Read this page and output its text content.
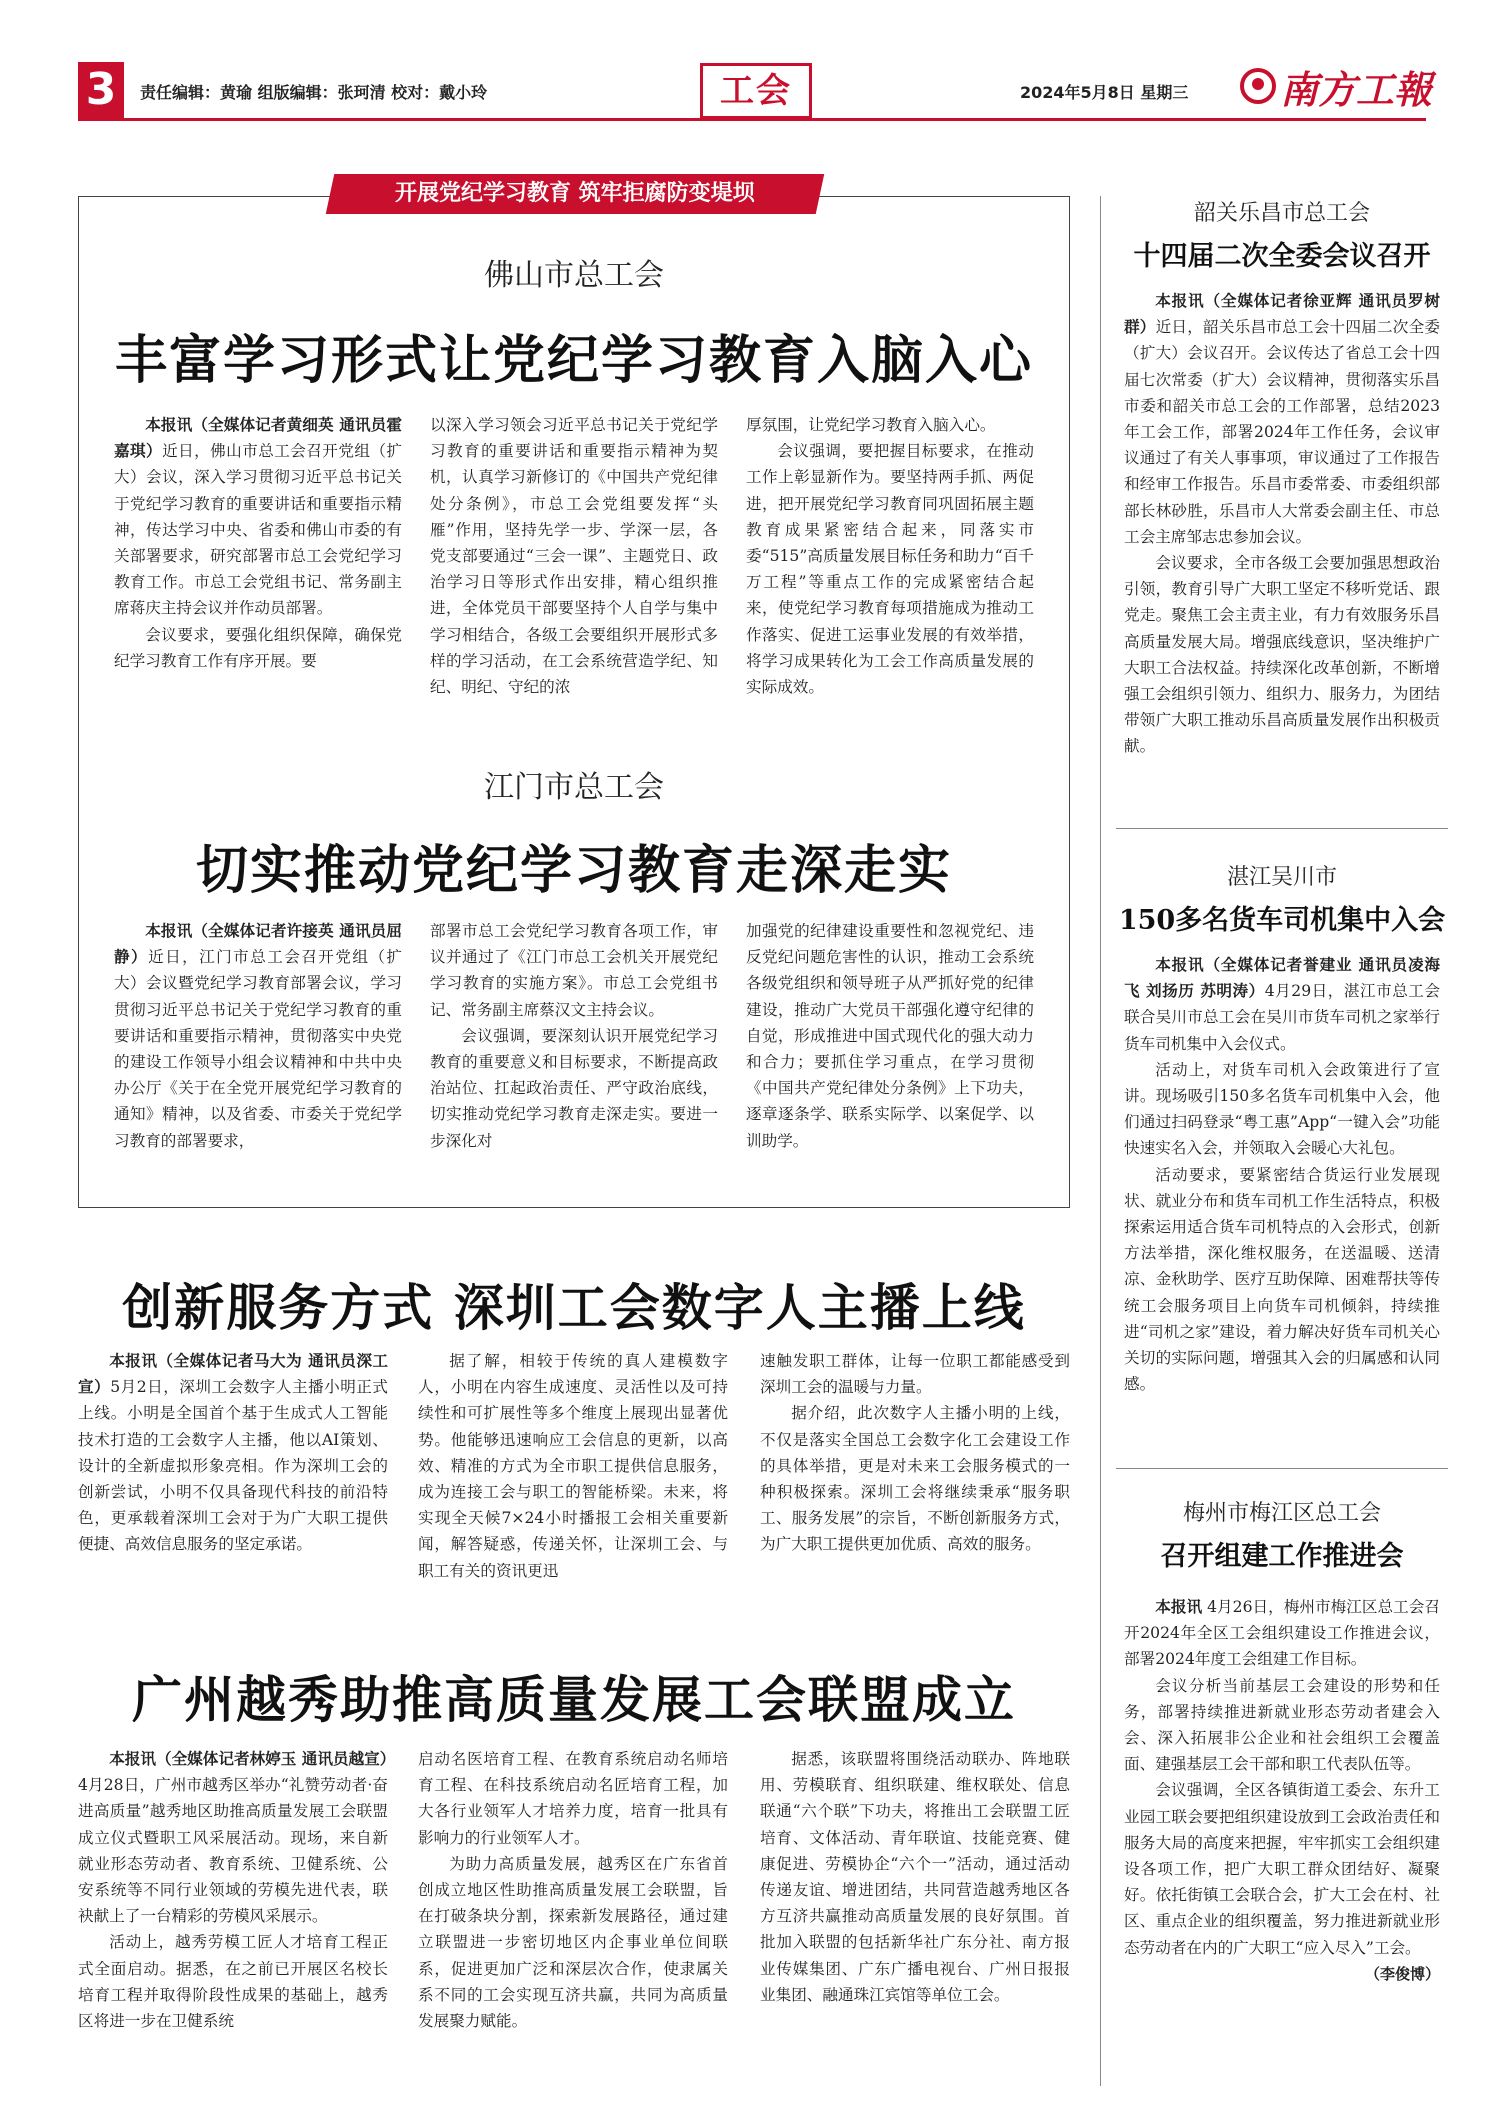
3	责任编辑：黄瑜 组版编辑：张珂清 校对：戴小玲	工会	2024年5月8日 星期三 南方工報
开展党纪学习教育 筑牢拒腐防变堤坝
佛山市总工会
丰富学习形式让党纪学习教育入脑入心

本报讯（全媒体记者黄细英 通讯员霍嘉琪）近日，佛山市总工会召开党组（扩大）会议，深入学习贯彻习近平总书记关于党纪学习教育的重要讲话和重要指示精神，传达学习中央、省委和佛山市委的有关部署要求，研究部署市总工会党纪学习教育工作。市总工会党组书记、常务副主席蒋庆主持会议并作动员部署。

会议要求，要强化组织保障，确保党纪学习教育工作有序开展。要

以深入学习领会习近平总书记关于党纪学习教育的重要讲话和重要指示精神为契机，认真学习新修订的《中国共产党纪律处分条例》，市总工会党组要发挥“头雁”作用，坚持先学一步、学深一层，各党支部要通过“三会一课”、主题党日、政治学习日等形式作出安排，精心组织推进，全体党员干部要坚持个人自学与集中学习相结合，各级工会要组织开展形式多样的学习活动，在工会系统营造学纪、知纪、明纪、守纪的浓

厚氛围，让党纪学习教育入脑入心。

会议强调，要把握目标要求，在推动工作上彰显新作为。要坚持两手抓、两促进，把开展党纪学习教育同巩固拓展主题教育成果紧密结合起来，同落实市委“515”高质量发展目标任务和助力“百千万工程”等重点工作的完成紧密结合起来，使党纪学习教育每项措施成为推动工作落实、促进工运事业发展的有效举措，将学习成果转化为工会工作高质量发展的实际成效。

江门市总工会
切实推动党纪学习教育走深走实

本报讯（全媒体记者许接英 通讯员屈静）近日，江门市总工会召开党组（扩大）会议暨党纪学习教育部署会议，学习贯彻习近平总书记关于党纪学习教育的重要讲话和重要指示精神，贯彻落实中央党的建设工作领导小组会议精神和中共中央办公厅《关于在全党开展党纪学习教育的通知》精神，以及省委、市委关于党纪学习教育的部署要求，

部署市总工会党纪学习教育各项工作，审议并通过了《江门市总工会机关开展党纪学习教育的实施方案》。市总工会党组书记、常务副主席蔡汉文主持会议。

会议强调，要深刻认识开展党纪学习教育的重要意义和目标要求，不断提高政治站位、扛起政治责任、严守政治底线，切实推动党纪学习教育走深走实。要进一步深化对

加强党的纪律建设重要性和忽视党纪、违反党纪问题危害性的认识，推动工会系统各级党组织和领导班子从严抓好党的纪律建设，推动广大党员干部强化遵守纪律的自觉，形成推进中国式现代化的强大动力和合力；要抓住学习重点，在学习贯彻《中国共产党纪律处分条例》上下功夫，逐章逐条学、联系实际学、以案促学、以训助学。

创新服务方式 深圳工会数字人主播上线

本报讯（全媒体记者马大为 通讯员深工宣）5月2日，深圳工会数字人主播小明正式上线。小明是全国首个基于生成式人工智能技术打造的工会数字人主播，他以AI策划、设计的全新虚拟形象亮相。作为深圳工会的创新尝试，小明不仅具备现代科技的前沿特色，更承载着深圳工会对于为广大职工提供便捷、高效信息服务的坚定承诺。

据了解，相较于传统的真人建模数字人，小明在内容生成速度、灵活性以及可持续性和可扩展性等多个维度上展现出显著优势。他能够迅速响应工会信息的更新，以高效、精准的方式为全市职工提供信息服务，成为连接工会与职工的智能桥梁。未来，将实现全天候7×24小时播报工会相关重要新闻，解答疑惑，传递关怀，让深圳工会、与职工有关的资讯更迅

速触发职工群体，让每一位职工都能感受到深圳工会的温暖与力量。

据介绍，此次数字人主播小明的上线，不仅是落实全国总工会数字化工会建设工作的具体举措，更是对未来工会服务模式的一种积极探索。深圳工会将继续秉承“服务职工、服务发展”的宗旨，不断创新服务方式，为广大职工提供更加优质、高效的服务。

广州越秀助推高质量发展工会联盟成立

本报讯（全媒体记者林婷玉 通讯员越宣）4月28日，广州市越秀区举办“礼赞劳动者·奋进高质量”越秀地区助推高质量发展工会联盟成立仪式暨职工风采展活动。现场，来自新就业形态劳动者、教育系统、卫健系统、公安系统等不同行业领域的劳模先进代表，联袂献上了一台精彩的劳模风采展示。

活动上，越秀劳模工匠人才培育工程正式全面启动。据悉，在之前已开展区名校长培育工程并取得阶段性成果的基础上，越秀区将进一步在卫健系统

启动名医培育工程、在教育系统启动名师培育工程、在科技系统启动名匠培育工程，加大各行业领军人才培养力度，培育一批具有影响力的行业领军人才。

为助力高质量发展，越秀区在广东省首创成立地区性助推高质量发展工会联盟，旨在打破条块分割，探索新发展路径，通过建立联盟进一步密切地区内企事业单位间联系，促进更加广泛和深层次合作，使隶属关系不同的工会实现互济共赢，共同为高质量发展聚力赋能。

据悉，该联盟将围绕活动联办、阵地联用、劳模联育、组织联建、维权联处、信息联通“六个联”下功夫，将推出工会联盟工匠培育、文体活动、青年联谊、技能竞赛、健康促进、劳模协企“六个一”活动，通过活动传递友谊、增进团结，共同营造越秀地区各方互济共赢推动高质量发展的良好氛围。首批加入联盟的包括新华社广东分社、南方报业传媒集团、广东广播电视台、广州日报报业集团、融通珠江宾馆等单位工会。

韶关乐昌市总工会
十四届二次全委会议召开

本报讯（全媒体记者徐亚辉 通讯员罗树群）近日，韶关乐昌市总工会十四届二次全委（扩大）会议召开。会议传达了省总工会十四届七次常委（扩大）会议精神，贯彻落实乐昌市委和韶关市总工会的工作部署，总结2023年工会工作，部署2024年工作任务，会议审议通过了有关人事事项，审议通过了工作报告和经审工作报告。乐昌市委常委、市委组织部部长林砂胜，乐昌市人大常委会副主任、市总工会主席邹志忠参加会议。

会议要求，全市各级工会要加强思想政治引领，教育引导广大职工坚定不移听党话、跟党走。聚焦工会主责主业，有力有效服务乐昌高质量发展大局。增强底线意识，坚决维护广大职工合法权益。持续深化改革创新，不断增强工会组织引领力、组织力、服务力，为团结带领广大职工推动乐昌高质量发展作出积极贡献。

湛江吴川市
150多名货车司机集中入会

本报讯（全媒体记者誉建业 通讯员凌海飞 刘扬历 苏明涛）4月29日，湛江市总工会联合吴川市总工会在吴川市货车司机之家举行货车司机集中入会仪式。

活动上，对货车司机入会政策进行了宣讲。现场吸引150多名货车司机集中入会，他们通过扫码登录“粤工惠”App“一键入会”功能快速实名入会，并领取入会暖心大礼包。

活动要求，要紧密结合货运行业发展现状、就业分布和货车司机工作生活特点，积极探索运用适合货车司机特点的入会形式，创新方法举措，深化维权服务，在送温暖、送清凉、金秋助学、医疗互助保障、困难帮扶等传统工会服务项目上向货车司机倾斜，持续推进“司机之家”建设，着力解决好货车司机关心关切的实际问题，增强其入会的归属感和认同感。

梅州市梅江区总工会
召开组建工作推进会

本报讯 4月26日，梅州市梅江区总工会召开2024年全区工会组织建设工作推进会议，部署2024年度工会组建工作目标。

会议分析当前基层工会建设的形势和任务，部署持续推进新就业形态劳动者建会入会、深入拓展非公企业和社会组织工会覆盖面、建强基层工会干部和职工代表队伍等。

会议强调，全区各镇街道工委会、东升工业园工联会要把组织建设放到工会政治责任和服务大局的高度来把握，牢牢抓实工会组织建设各项工作，把广大职工群众团结好、凝聚好。依托街镇工会联合会，扩大工会在村、社区、重点企业的组织覆盖，努力推进新就业形态劳动者在内的广大职工“应入尽入”工会。

（李俊博）
